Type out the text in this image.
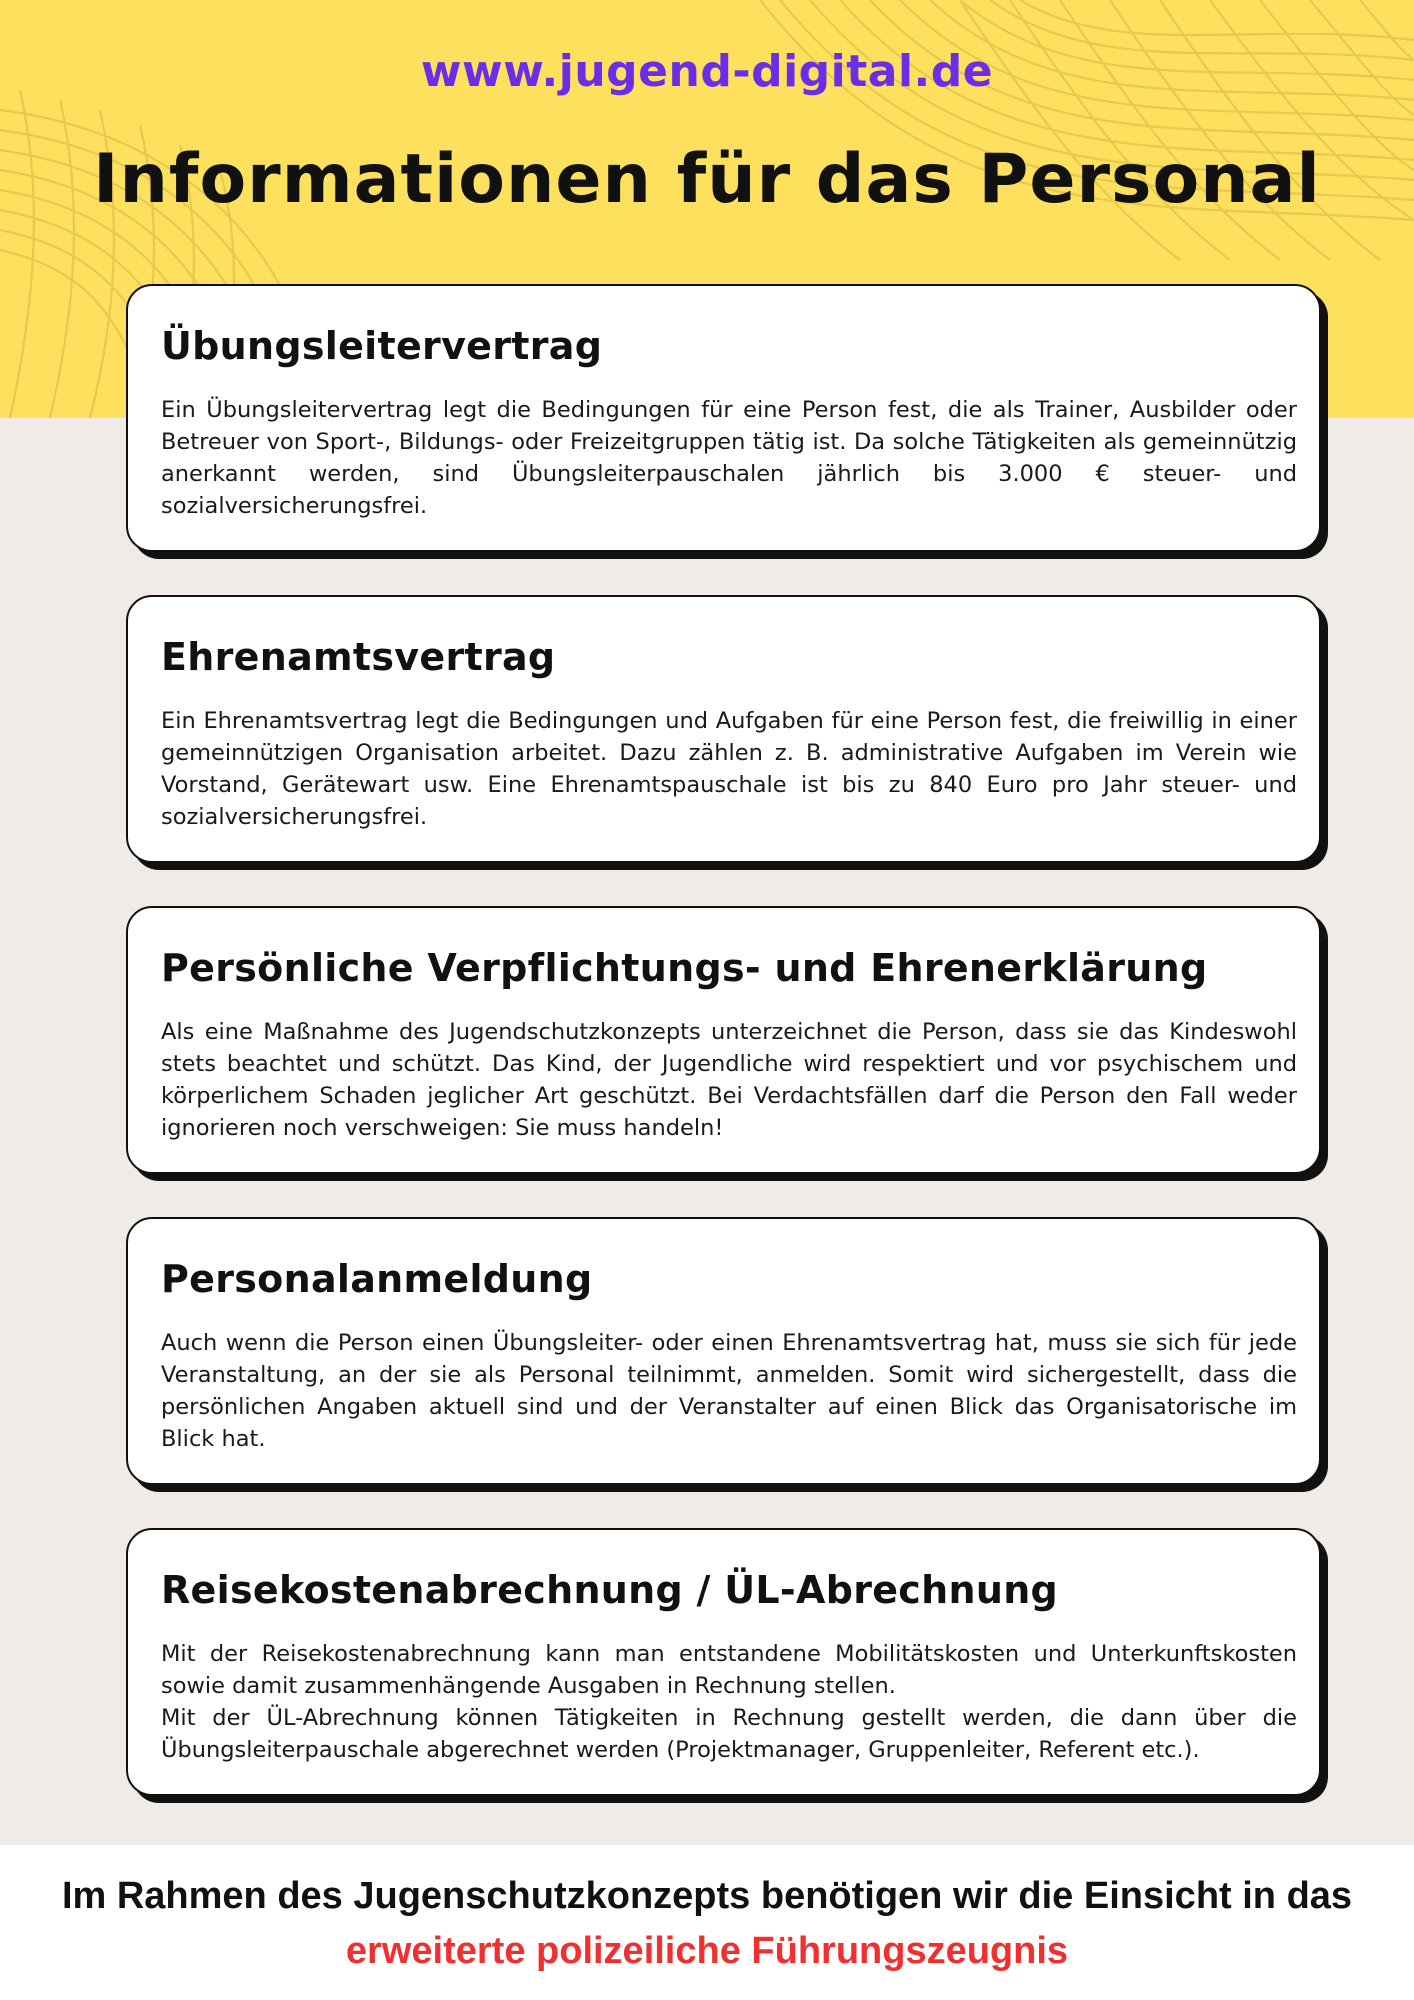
www.jugend-digital.de
Informationen für das Personal
Übungsleitervertrag

Ein Übungsleitervertrag legt die Bedingungen für eine Person fest, die als Trainer, Ausbilder oder Betreuer von Sport-, Bildungs- oder Freizeitgruppen tätig ist. Da solche Tätigkeiten als gemeinnützig anerkannt werden, sind Übungsleiterpauschalen jährlich bis 3.000 € steuer- und sozialversicherungsfrei.

Ehrenamtsvertrag

Ein Ehrenamtsvertrag legt die Bedingungen und Aufgaben für eine Person fest, die freiwillig in einer gemeinnützigen Organisation arbeitet. Dazu zählen z. B. administrative Aufgaben im Verein wie Vorstand, Gerätewart usw. Eine Ehrenamtspauschale ist bis zu 840 Euro pro Jahr steuer- und sozialversicherungsfrei.

Persönliche Verpflichtungs- und Ehrenerklärung

Als eine Maßnahme des Jugendschutzkonzepts unterzeichnet die Person, dass sie das Kindeswohl stets beachtet und schützt. Das Kind, der Jugendliche wird respektiert und vor psychischem und körperlichem Schaden jeglicher Art geschützt. Bei Verdachtsfällen darf die Person den Fall weder ignorieren noch verschweigen: Sie muss handeln!

Personalanmeldung

Auch wenn die Person einen Übungsleiter- oder einen Ehrenamtsvertrag hat, muss sie sich für jede Veranstaltung, an der sie als Personal teilnimmt, anmelden. Somit wird sichergestellt, dass die persönlichen Angaben aktuell sind und der Veranstalter auf einen Blick das Organisatorische im Blick hat.

Reisekostenabrechnung / ÜL-Abrechnung

Mit der Reisekostenabrechnung kann man entstandene Mobilitätskosten und Unterkunftskosten sowie damit zusammenhängende Ausgaben in Rechnung stellen.

Mit der ÜL-Abrechnung können Tätigkeiten in Rechnung gestellt werden, die dann über die Übungsleiterpauschale abgerechnet werden (Projektmanager, Gruppenleiter, Referent etc.).

Im Rahmen des Jugenschutzkonzepts benötigen wir die Einsicht in das
erweiterte polizeiliche Führungszeugnis
